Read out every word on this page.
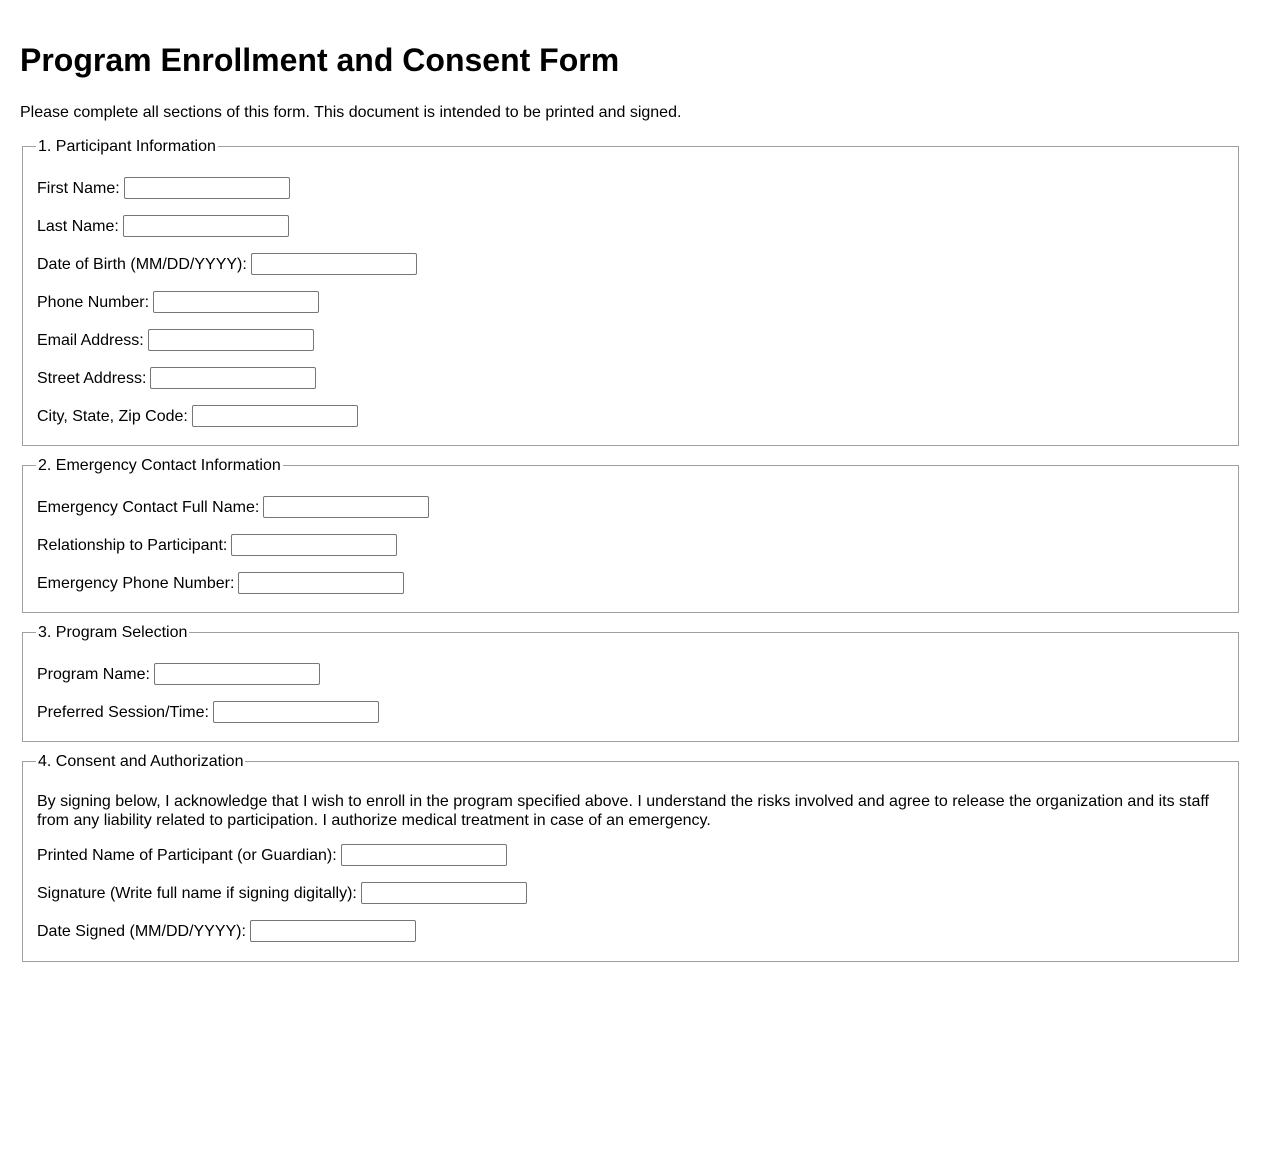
Program Enrollment and Consent Form

Please complete all sections of this form. This document is intended to be printed and signed.

1. Participant Information
First Name:
Last Name:
Date of Birth (MM/DD/YYYY):
Phone Number:
Email Address:
Street Address:
City, State, Zip Code:
2. Emergency Contact Information
Emergency Contact Full Name:
Relationship to Participant:
Emergency Phone Number:
3. Program Selection
Program Name:
Preferred Session/Time:
4. Consent and Authorization

By signing below, I acknowledge that I wish to enroll in the program specified above. I understand the risks involved and agree to release the organization and its staff from any liability related to participation. I authorize medical treatment in case of an emergency.

Printed Name of Participant (or Guardian):
Signature (Write full name if signing digitally):
Date Signed (MM/DD/YYYY):
